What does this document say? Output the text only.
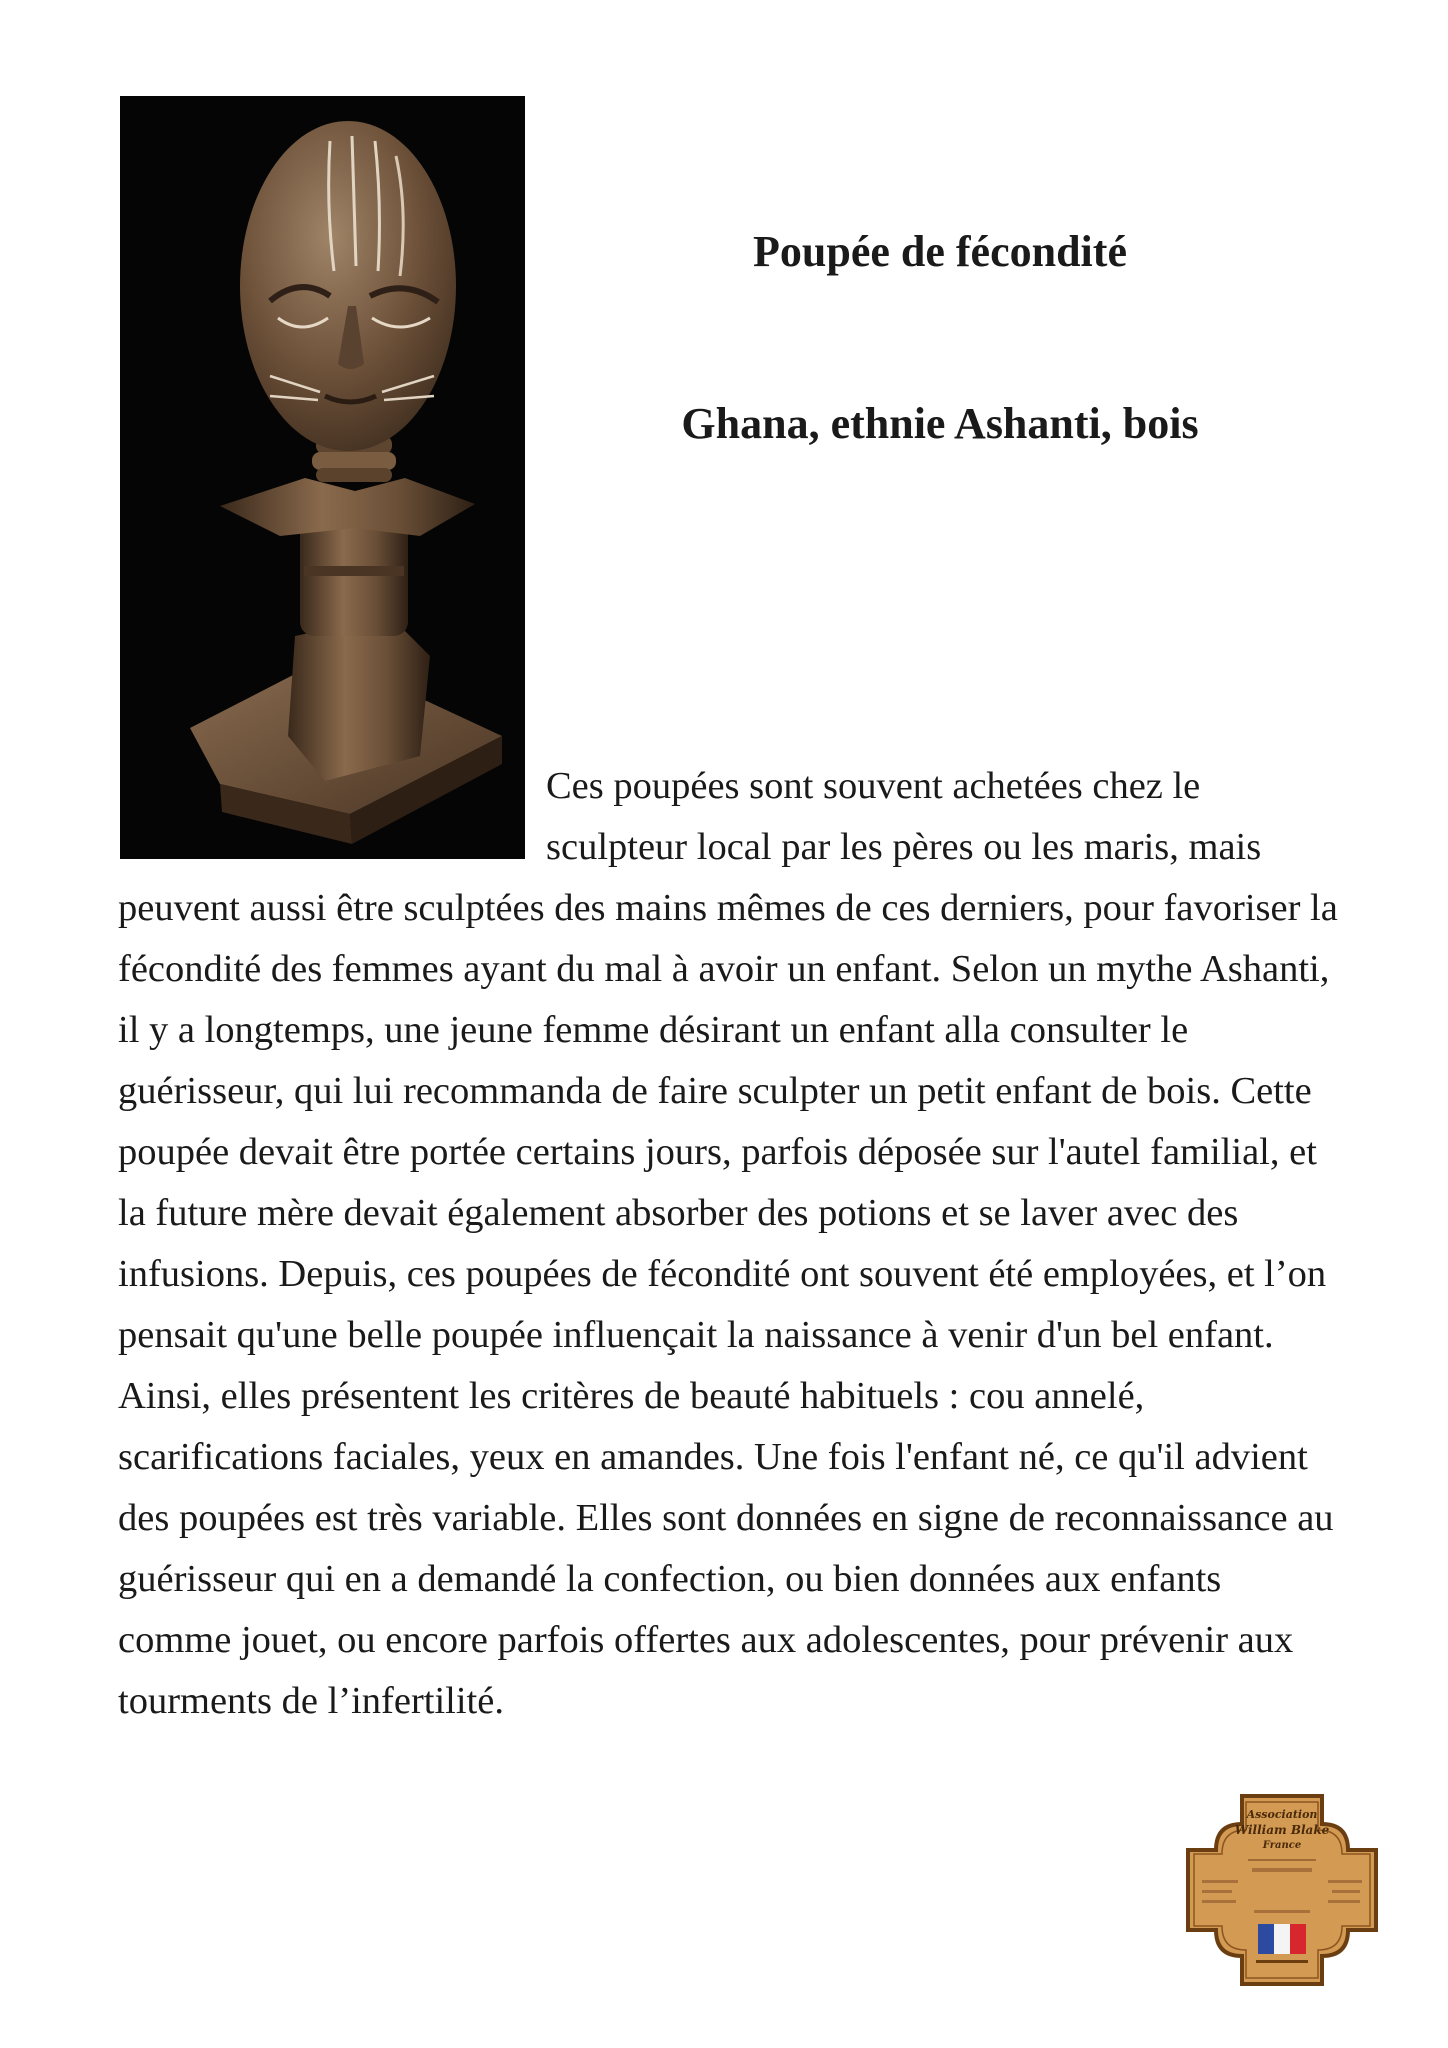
Poupée de fécondité
Ghana, ethnie Ashanti, bois
Ces poupées sont souvent achetées chez le sculpteur local par les pères ou les maris, mais peuvent aussi être sculptées des mains mêmes de ces derniers, pour favoriser la fécondité des femmes ayant du mal à avoir un enfant. Selon un mythe Ashanti, il y a longtemps, une jeune femme désirant un enfant alla consulter le guérisseur, qui lui recommanda de faire sculpter un petit enfant de bois. Cette poupée devait être portée certains jours, parfois déposée sur l'autel familial, et la future mère devait également absorber des potions et se laver avec des infusions. Depuis, ces poupées de fécondité ont souvent été employées, et l’on pensait qu'une belle poupée influençait la naissance à venir d'un bel enfant. Ainsi, elles présentent les critères de beauté habituels : cou annelé, scarifications faciales, yeux en amandes. Une fois l'enfant né, ce qu'il advient des poupées est très variable. Elles sont données en signe de reconnaissance au guérisseur qui en a demandé la confection, ou bien données aux enfants comme jouet, ou encore parfois offertes aux adolescentes, pour prévenir aux tourments de l’infertilité.
Association
William Blake
France
